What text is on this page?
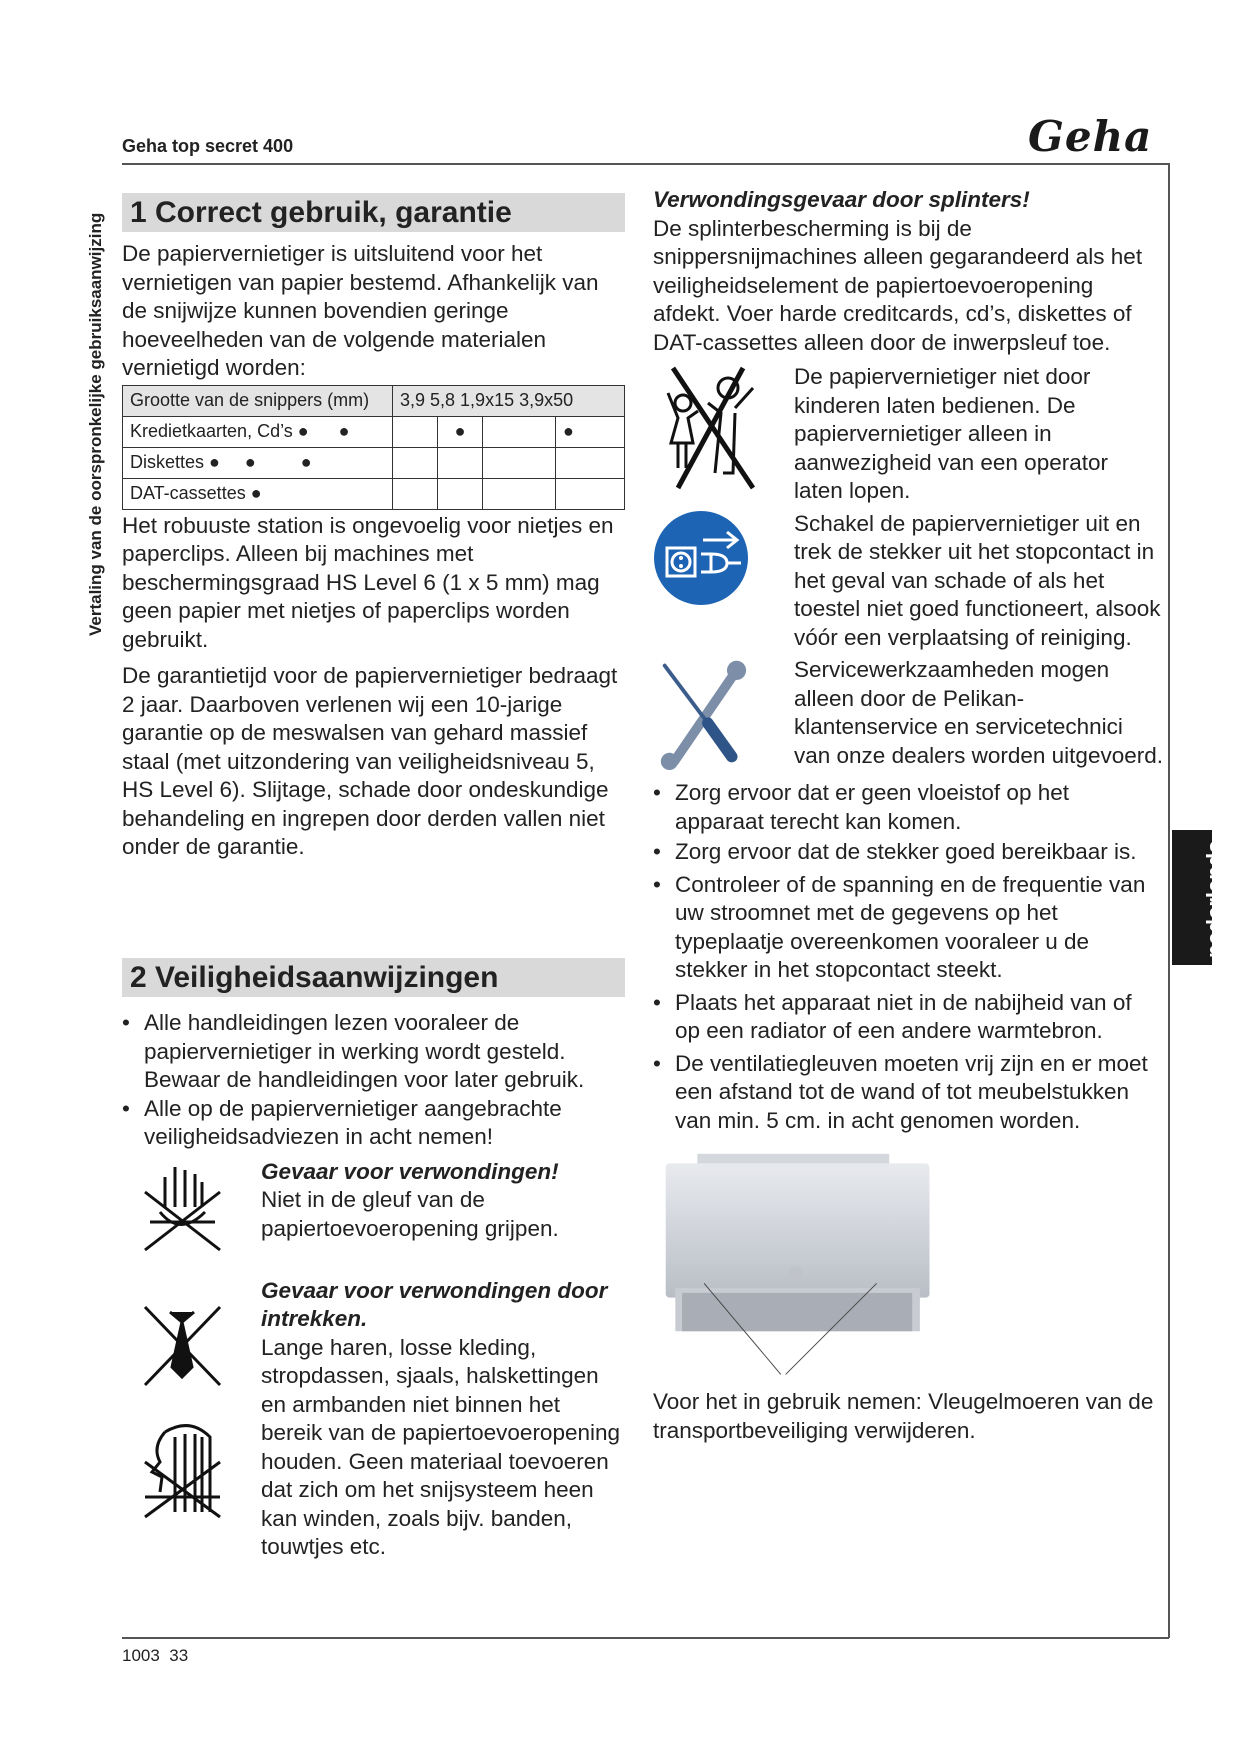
Geha top secret 400	Geha
1003 33
Vertaling van de oorspronkelijke gebruiksaanwijzing
nederlands
1 Correct gebruik, garantie
De papiervernietiger is uitsluitend voor het vernietigen van papier bestemd. Afhankelijk van de snijwijze kunnen bovendien geringe hoeveelheden van de volgende materialen vernietigd worden:
Grootte van de snippers (mm)	3,9 5,8 1,9x15 3,9x50			
Kredietkaarten, Cd’s ●      ●		●		●
Diskettes ●     ●         ●				
DAT-cassettes ●				
Het robuuste station is ongevoelig voor nietjes en paperclips. Alleen bij machines met beschermingsgraad HS Level 6 (1 x 5 mm) mag geen papier met nietjes of paperclips worden gebruikt.
De garantietijd voor de papiervernietiger bedraagt 2 jaar. Daarboven verlenen wij een 10-jarige garantie op de meswalsen van gehard massief staal (met uitzondering van veiligheidsniveau 5, HS Level 6). Slijtage, schade door ondeskundige behandeling en ingrepen door derden vallen niet onder de garantie.
2 Veiligheidsaanwijzingen
• Alle handleidingen lezen vooraleer de papiervernietiger in werking wordt gesteld.
Bewaar de handleidingen voor later gebruik.
• Alle op de papiervernietiger aangebrachte veiligheidsadviezen in acht nemen!
Gevaar voor verwondingen!
Niet in de gleuf van de papiertoevoeropening grijpen.
Gevaar voor verwondingen door intrekken.
Lange haren, losse kleding, stropdassen, sjaals, halskettingen en armbanden niet binnen het bereik van de papiertoevoeropening houden. Geen materiaal toevoeren dat zich om het snijsysteem heen kan winden, zoals bijv. banden, touwtjes etc.
Verwondingsgevaar door splinters!
De splinterbescherming is bij de snippersnijmachines alleen gegarandeerd als het veiligheidselement de papiertoevoeropening afdekt. Voer harde creditcards, cd’s, diskettes of DAT-cassettes alleen door de inwerpsleuf toe.
De papiervernietiger niet door kinderen laten bedienen. De papiervernietiger alleen in aanwezigheid van een operator laten lopen.
Schakel de papiervernietiger uit en trek de stekker uit het stopcontact in het geval van schade of als het toestel niet goed functioneert, alsook vóór een verplaatsing of reiniging.
Servicewerkzaamheden mogen alleen door de Pelikan-klantenservice en servicetechnici van onze dealers worden uitgevoerd.
• Zorg ervoor dat er geen vloeistof op het apparaat terecht kan komen.
• Zorg ervoor dat de stekker goed bereikbaar is.
• Controleer of de spanning en de frequentie van uw stroomnet met de gegevens op het typeplaatje overeenkomen vooraleer u de stekker in het stopcontact steekt.
• Plaats het apparaat niet in de nabijheid van of op een radiator of een andere warmtebron.
• De ventilatiegleuven moeten vrij zijn en er moet een afstand tot de wand of tot meubelstukken van min. 5 cm. in acht genomen worden.
Voor het in gebruik nemen: Vleugelmoeren van de transportbeveiliging verwijderen.
